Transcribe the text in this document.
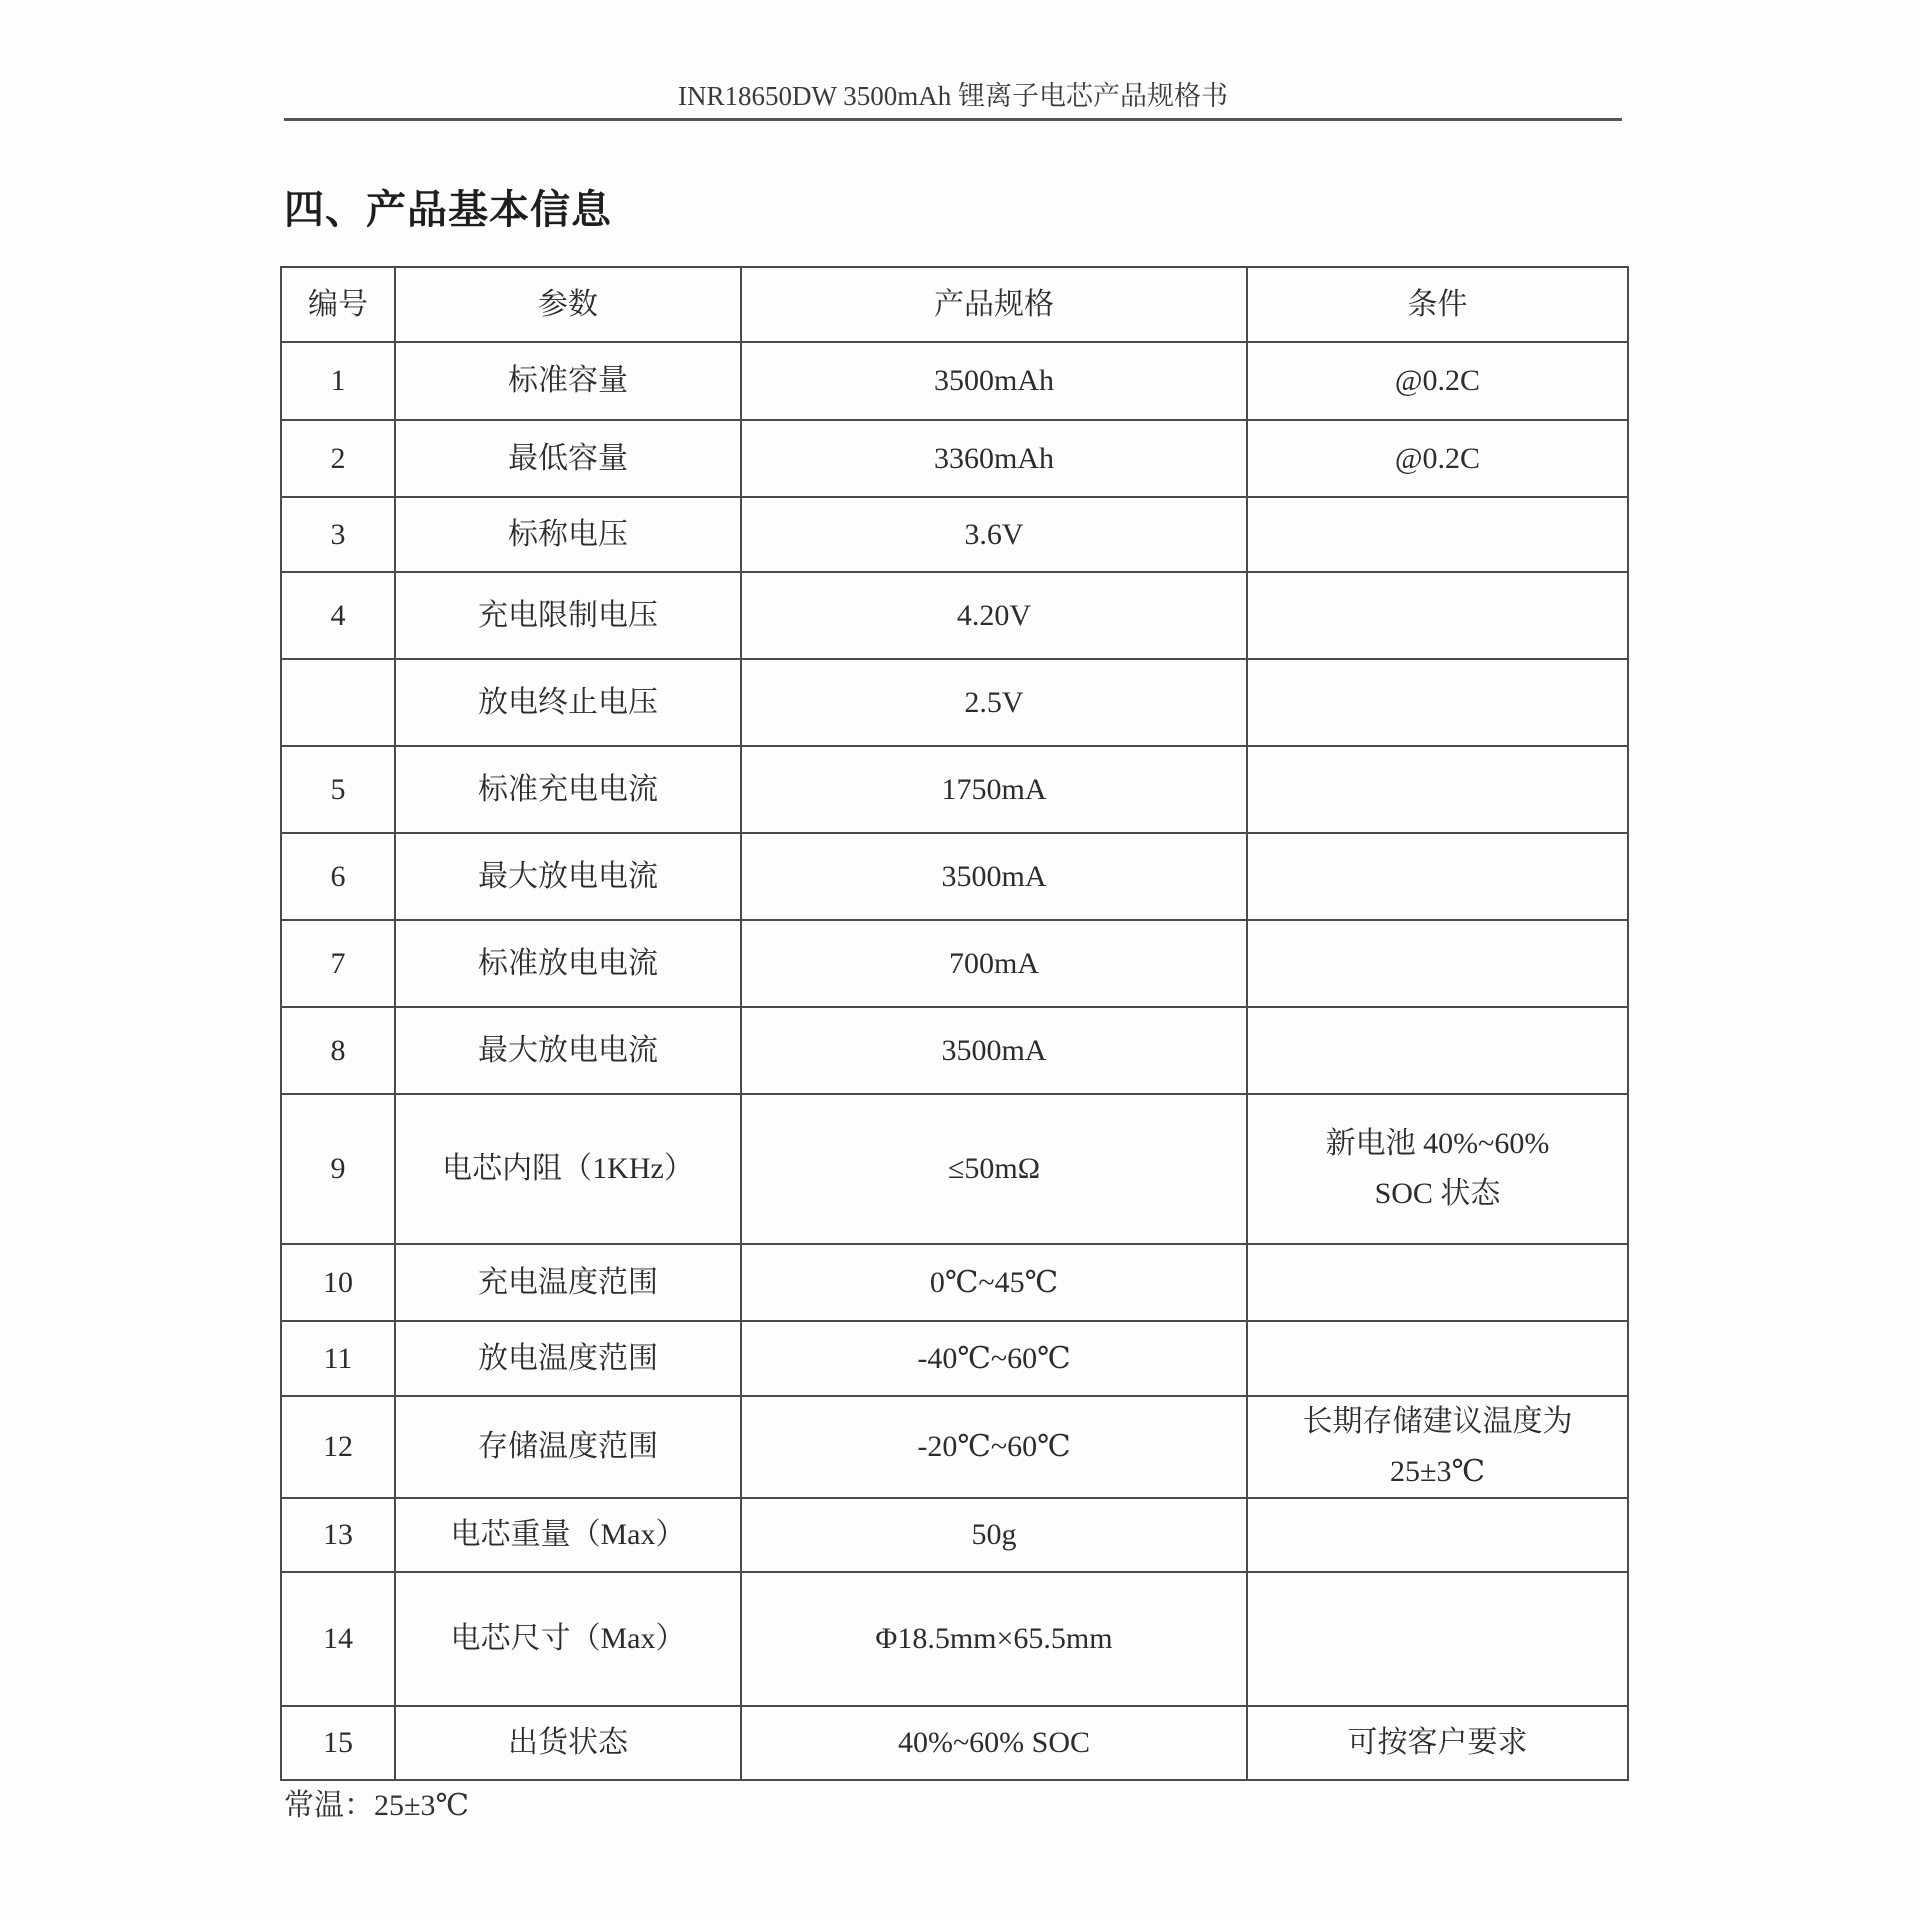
INR18650DW 3500mAh 锂离子电芯产品规格书
四、产品基本信息
编号	参数	产品规格	条件
1	标准容量	3500mAh	@0.2C
2	最低容量	3360mAh	@0.2C
3	标称电压	3.6V	
4	充电限制电压	4.20V	
	放电终止电压	2.5V	
5	标准充电电流	1750mA	
6	最大放电电流	3500mA	
7	标准放电电流	700mA	
8	最大放电电流	3500mA	
9	电芯内阻（1KHz）	≤50mΩ	新电池 40%~60%
SOC 状态

10	充电温度范围	0℃~45℃	
11	放电温度范围	-40℃~60℃	
12	存储温度范围	-20℃~60℃	长期存储建议温度为
25±3℃

13	电芯重量（Max）	50g	
14	电芯尺寸（Max）	Φ18.5mm×65.5mm	
15	出货状态	40%~60% SOC	可按客户要求
常温：25±3℃
